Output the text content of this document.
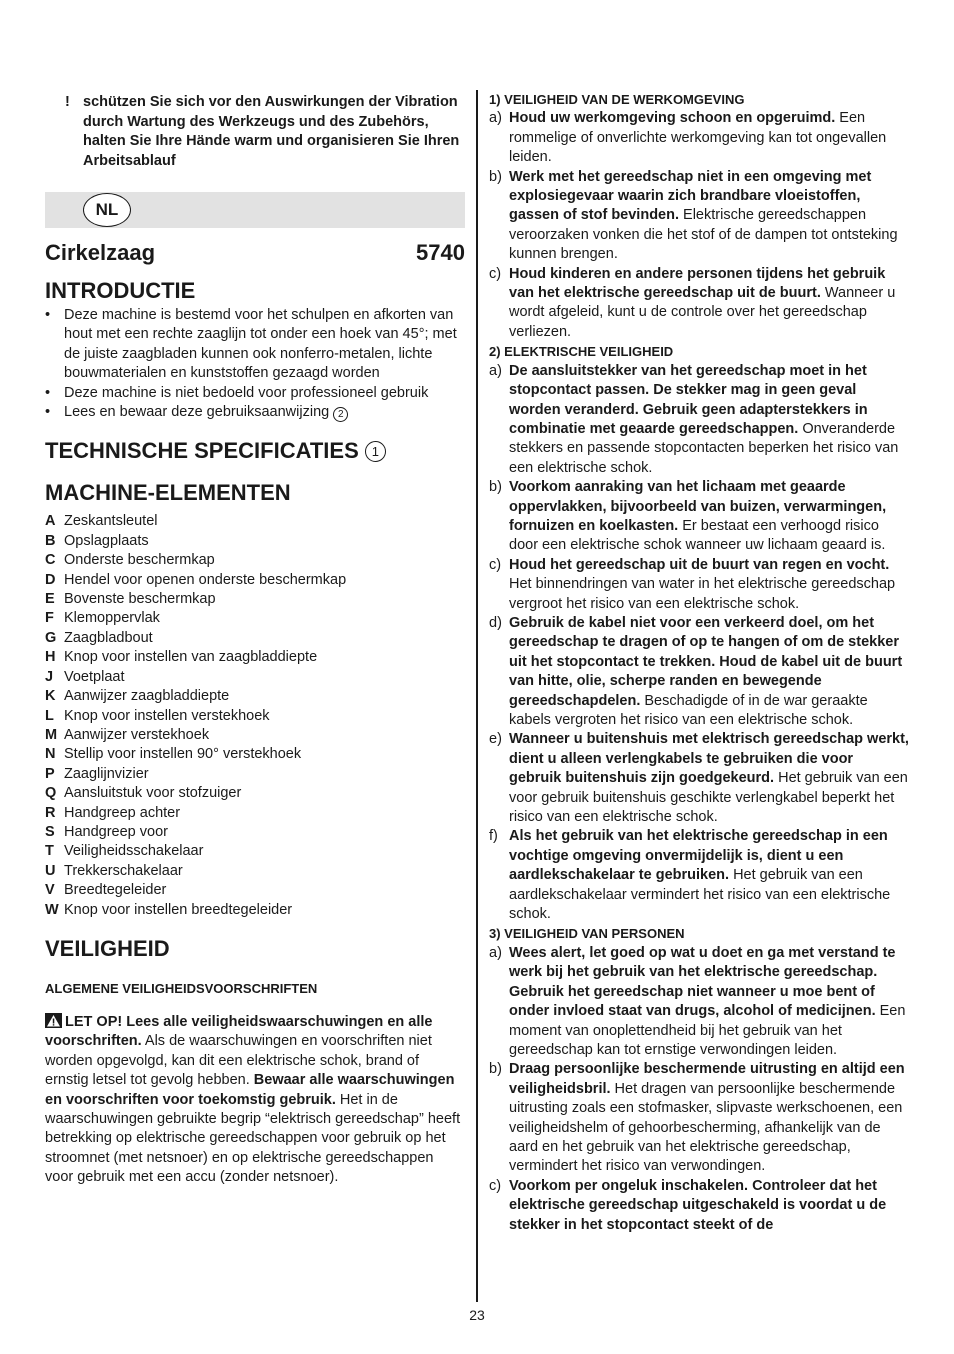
! schützen Sie sich vor den Auswirkungen der Vibration durch Wartung des Werkzeugs und des Zubehörs, halten Sie Ihre Hände warm und organisieren Sie Ihren Arbeitsablauf
NL
Cirkelzaag	5740
INTRODUCTIE
• Deze machine is bestemd voor het schulpen en afkorten van hout met een rechte zaaglijn tot onder een hoek van 45°; met de juiste zaagbladen kunnen ook nonferro-metalen, lichte bouwmaterialen en kunststoffen gezaagd worden
• Deze machine is niet bedoeld voor professioneel gebruik
• Lees en bewaar deze gebruiksaanwijzing 2
TECHNISCHE SPECIFICATIES 1
MACHINE-ELEMENTEN
A Zeskantsleutel
B Opslagplaats
C Onderste beschermkap
D Hendel voor openen onderste beschermkap
E Bovenste beschermkap
F Klemoppervlak
G Zaagbladbout
H Knop voor instellen van zaagbladdiepte
J Voetplaat
K Aanwijzer zaagbladdiepte
L Knop voor instellen verstekhoek
M Aanwijzer verstekhoek
N Stellip voor instellen 90° verstekhoek
P Zaaglijnvizier
Q Aansluitstuk voor stofzuiger
R Handgreep achter
S Handgreep voor
T Veiligheidsschakelaar
U Trekkerschakelaar
V Breedtegeleider
W Knop voor instellen breedtegeleider
VEILIGHEID
ALGEMENE VEILIGHEIDSVOORSCHRIFTEN
LET OP! Lees alle veiligheidswaarschuwingen en alle voorschriften. Als de waarschuwingen en voorschriften niet worden opgevolgd, kan dit een elektrische schok, brand of ernstig letsel tot gevolg hebben. Bewaar alle waarschuwingen en voorschriften voor toekomstig gebruik. Het in de waarschuwingen gebruikte begrip “elektrisch gereedschap” heeft betrekking op elektrische gereedschappen voor gebruik op het stroomnet (met netsnoer) en op elektrische gereedschappen voor gebruik met een accu (zonder netsnoer).
1) VEILIGHEID VAN DE WERKOMGEVING
a) Houd uw werkomgeving schoon en opgeruimd. Een rommelige of onverlichte werkomgeving kan tot ongevallen leiden.
b) Werk met het gereedschap niet in een omgeving met explosiegevaar waarin zich brandbare vloeistoffen, gassen of stof bevinden. Elektrische gereedschappen veroorzaken vonken die het stof of de dampen tot ontsteking kunnen brengen.
c) Houd kinderen en andere personen tijdens het gebruik van het elektrische gereedschap uit de buurt. Wanneer u wordt afgeleid, kunt u de controle over het gereedschap verliezen.
2) ELEKTRISCHE VEILIGHEID
a) De aansluitstekker van het gereedschap moet in het stopcontact passen. De stekker mag in geen geval worden veranderd. Gebruik geen adapterstekkers in combinatie met geaarde gereedschappen. Onveranderde stekkers en passende stopcontacten beperken het risico van een elektrische schok.
b) Voorkom aanraking van het lichaam met geaarde oppervlakken, bijvoorbeeld van buizen, verwarmingen, fornuizen en koelkasten. Er bestaat een verhoogd risico door een elektrische schok wanneer uw lichaam geaard is.
c) Houd het gereedschap uit de buurt van regen en vocht. Het binnendringen van water in het elektrische gereedschap vergroot het risico van een elektrische schok.
d) Gebruik de kabel niet voor een verkeerd doel, om het gereedschap te dragen of op te hangen of om de stekker uit het stopcontact te trekken. Houd de kabel uit de buurt van hitte, olie, scherpe randen en bewegende gereedschapdelen. Beschadigde of in de war geraakte kabels vergroten het risico van een elektrische schok.
e) Wanneer u buitenshuis met elektrisch gereedschap werkt, dient u alleen verlengkabels te gebruiken die voor gebruik buitenshuis zijn goedgekeurd. Het gebruik van een voor gebruik buitenshuis geschikte verlengkabel beperkt het risico van een elektrische schok.
f) Als het gebruik van het elektrische gereedschap in een vochtige omgeving onvermijdelijk is, dient u een aardlekschakelaar te gebruiken. Het gebruik van een aardlekschakelaar vermindert het risico van een elektrische schok.
3) VEILIGHEID VAN PERSONEN
a) Wees alert, let goed op wat u doet en ga met verstand te werk bij het gebruik van het elektrische gereedschap. Gebruik het gereedschap niet wanneer u moe bent of onder invloed staat van drugs, alcohol of medicijnen. Een moment van onoplettendheid bij het gebruik van het gereedschap kan tot ernstige verwondingen leiden.
b) Draag persoonlijke beschermende uitrusting en altijd een veiligheidsbril. Het dragen van persoonlijke beschermende uitrusting zoals een stofmasker, slipvaste werkschoenen, een veiligheidshelm of gehoorbescherming, afhankelijk van de aard en het gebruik van het elektrische gereedschap, vermindert het risico van verwondingen.
c) Voorkom per ongeluk inschakelen. Controleer dat het elektrische gereedschap uitgeschakeld is voordat u de stekker in het stopcontact steekt of de
23
